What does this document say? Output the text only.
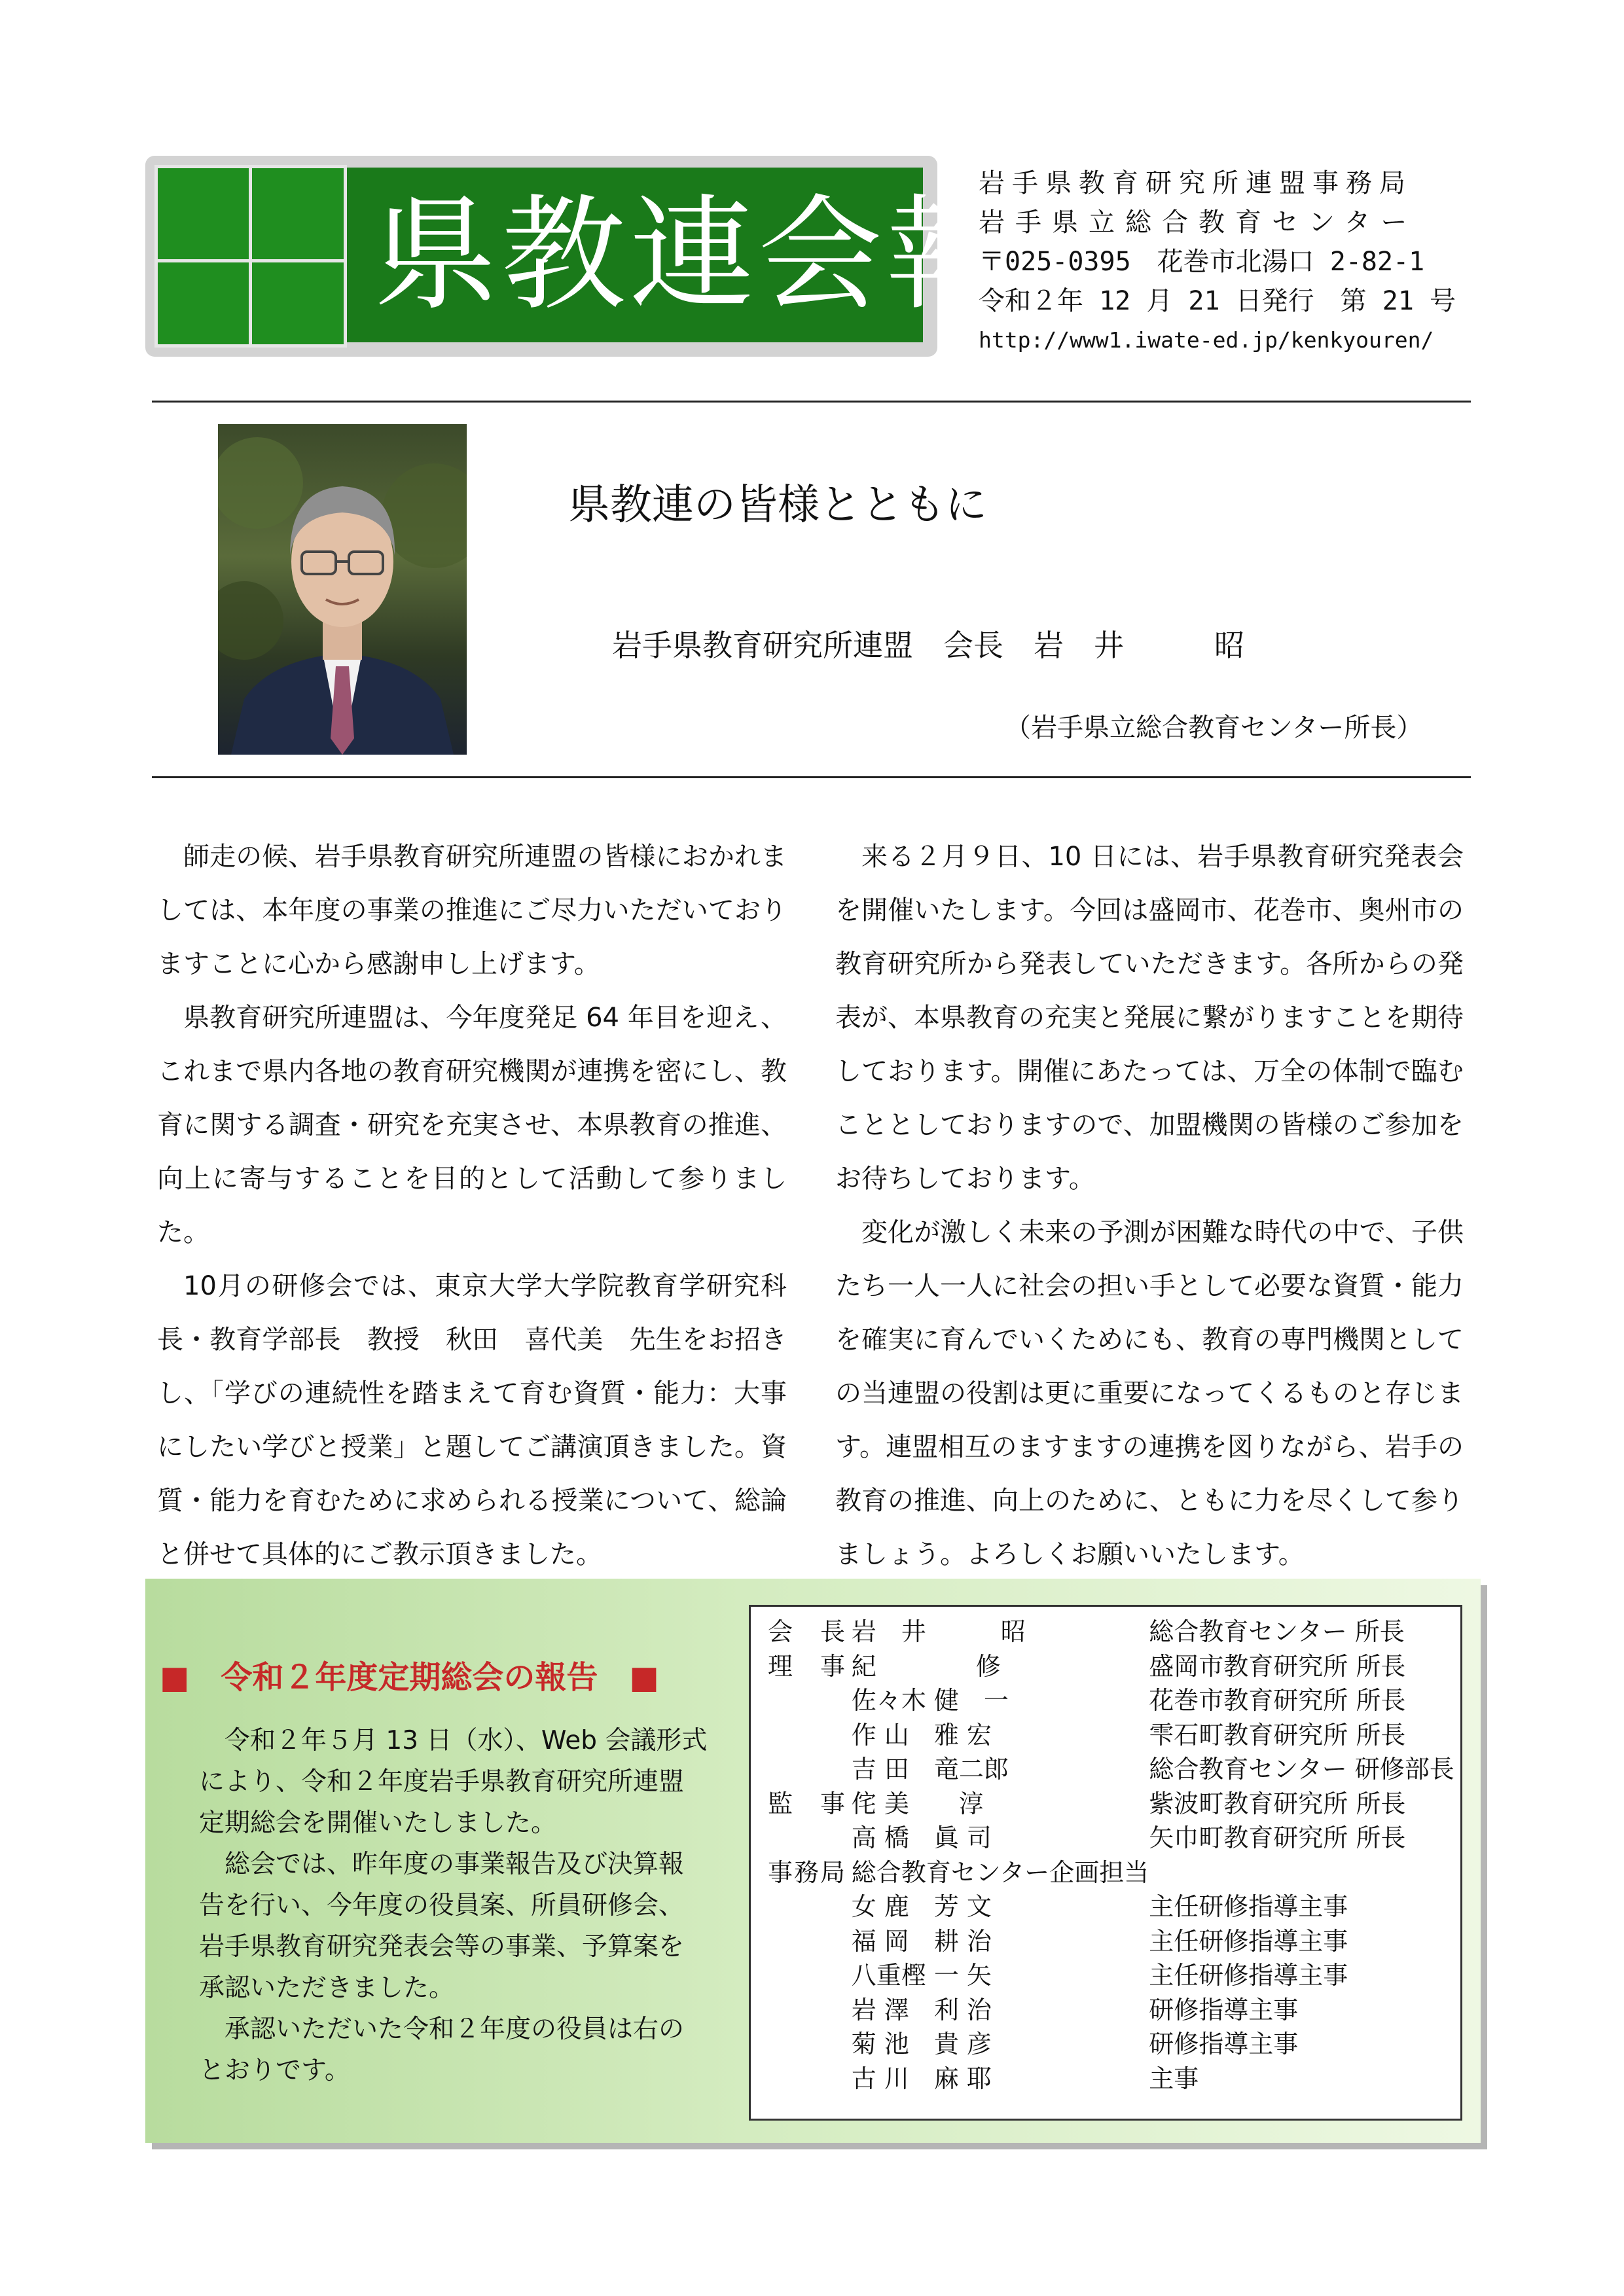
県教連会報
岩手県教育研究所連盟事務局
岩手県立総合教育センター
〒025-0395　花巻市北湯口 2-82-1
令和２年 12 月 21 日発行　第 21 号
http://www1.iwate-ed.jp/kenkyouren/
県教連の皆様とともに
岩手県教育研究所連盟　会長　岩　井　　　昭
（岩手県立総合教育センター所長）

師走の候、岩手県教育研究所連盟の皆様におかれましては、本年度の事業の推進にご尽力いただいておりますことに心から感謝申し上げます。

県教育研究所連盟は、今年度発足 64 年目を迎え、これまで県内各地の教育研究機関が連携を密にし、教育に関する調査・研究を充実させ、本県教育の推進、向上に寄与することを目的として活動して参りました。

10月の研修会では、東京大学大学院教育学研究科長・教育学部長　教授　秋田　喜代美　先生をお招きし、「学びの連続性を踏まえて育む資質・能力：大事にしたい学びと授業」と題してご講演頂きました。資質・能力を育むために求められる授業について、総論と併せて具体的にご教示頂きました。

来る２月９日、10 日には、岩手県教育研究発表会を開催いたします。今回は盛岡市、花巻市、奥州市の教育研究所から発表していただきます。各所からの発表が、本県教育の充実と発展に繋がりますことを期待しております。開催にあたっては、万全の体制で臨むこととしておりますので、加盟機関の皆様のご参加をお待ちしております。

変化が激しく未来の予測が困難な時代の中で、子供たち一人一人に社会の担い手として必要な資質・能力を確実に育んでいくためにも、教育の専門機関としての当連盟の役割は更に重要になってくるものと存じます。連盟相互のますますの連携を図りながら、岩手の教育の推進、向上のために、ともに力を尽くして参りましょう。よろしくお願いいたします。

■　令和２年度定期総会の報告　■

　令和２年５月 13 日（水）、Web 会議形式

により、令和２年度岩手県教育研究所連盟

定期総会を開催いたしました。

　総会では、昨年度の事業報告及び決算報

告を行い、今年度の役員案、所員研修会、

岩手県教育研究発表会等の事業、予算案を

承認いただきました。

　承認いただいた令和２年度の役員は右の

とおりです。

会　長	岩　井　　　昭	総合教育センター 所長
理　事	紀　　　　修	盛岡市教育研究所 所長
	佐々木 健　一	花巻市教育研究所 所長
	作 山　雅 宏	雫石町教育研究所 所長
	吉 田　竜二郎	総合教育センター 研修部長
監　事	侘 美　　淳	紫波町教育研究所 所長
	高 橋　眞 司	矢巾町教育研究所 所長
事務局	総合教育センター企画担当	
	女 鹿　芳 文	主任研修指導主事
	福 岡　耕 治	主任研修指導主事
	八重樫 一 矢	主任研修指導主事
	岩 澤　利 治	研修指導主事
	菊 池　貴 彦	研修指導主事
	古 川　麻 耶	主事
